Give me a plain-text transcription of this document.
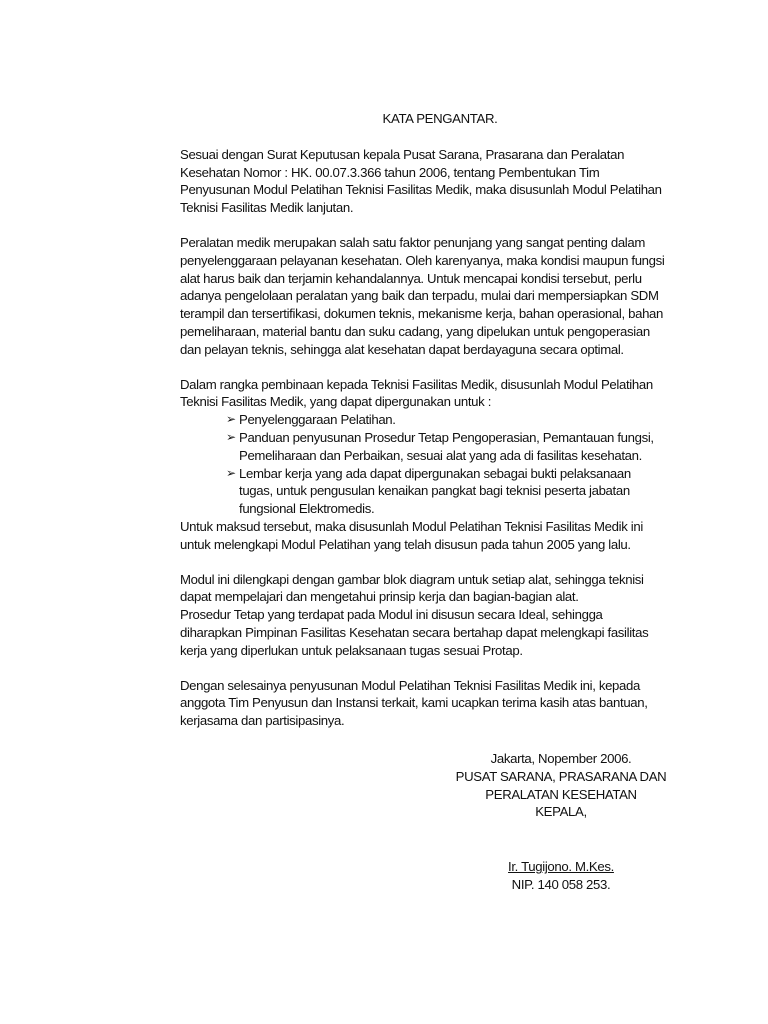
KATA PENGANTAR.

Sesuai dengan Surat Keputusan kepala Pusat Sarana, Prasarana dan Peralatan
Kesehatan Nomor : HK. 00.07.3.366 tahun 2006, tentang Pembentukan Tim
Penyusunan Modul Pelatihan Teknisi Fasilitas Medik, maka disusunlah Modul Pelatihan
Teknisi Fasilitas Medik lanjutan.

Peralatan medik merupakan salah satu faktor penunjang yang sangat penting dalam
penyelenggaraan pelayanan kesehatan. Oleh karenyanya, maka kondisi maupun fungsi
alat harus baik dan terjamin kehandalannya. Untuk mencapai kondisi tersebut, perlu
adanya pengelolaan peralatan yang baik dan terpadu, mulai dari mempersiapkan SDM
terampil dan tersertifikasi, dokumen teknis, mekanisme kerja, bahan operasional, bahan
pemeliharaan, material bantu dan suku cadang, yang dipelukan untuk pengoperasian
dan pelayan teknis, sehingga alat kesehatan dapat berdayaguna secara optimal.

Dalam rangka pembinaan kepada Teknisi Fasilitas Medik, disusunlah Modul Pelatihan
Teknisi Fasilitas Medik, yang dapat dipergunakan untuk :
➢ Penyelenggaraan Pelatihan.
➢ Panduan penyusunan Prosedur Tetap Pengoperasian, Pemantauan fungsi,
Pemeliharaan dan Perbaikan, sesuai alat yang ada di fasilitas kesehatan.
➢ Lembar kerja yang ada dapat dipergunakan sebagai bukti pelaksanaan
tugas, untuk pengusulan kenaikan pangkat bagi teknisi peserta jabatan
fungsional Elektromedis.
Untuk maksud tersebut, maka disusunlah Modul Pelatihan Teknisi Fasilitas Medik ini
untuk melengkapi Modul Pelatihan yang telah disusun pada tahun 2005 yang lalu.

Modul ini dilengkapi dengan gambar blok diagram untuk setiap alat, sehingga teknisi
dapat mempelajari dan mengetahui prinsip kerja dan bagian-bagian alat.
Prosedur Tetap yang terdapat pada Modul ini disusun secara Ideal, sehingga
diharapkan Pimpinan Fasilitas Kesehatan secara bertahap dapat melengkapi fasilitas
kerja yang diperlukan untuk pelaksanaan tugas sesuai Protap.

Dengan selesainya penyusunan Modul Pelatihan Teknisi Fasilitas Medik ini, kepada
anggota Tim Penyusun dan Instansi terkait, kami ucapkan terima kasih atas bantuan,
kerjasama dan partisipasinya.

Jakarta, Nopember 2006.
PUSAT SARANA, PRASARANA DAN
PERALATAN KESEHATAN
KEPALA,
Ir. Tugijono. M.Kes.
NIP. 140 058 253.
